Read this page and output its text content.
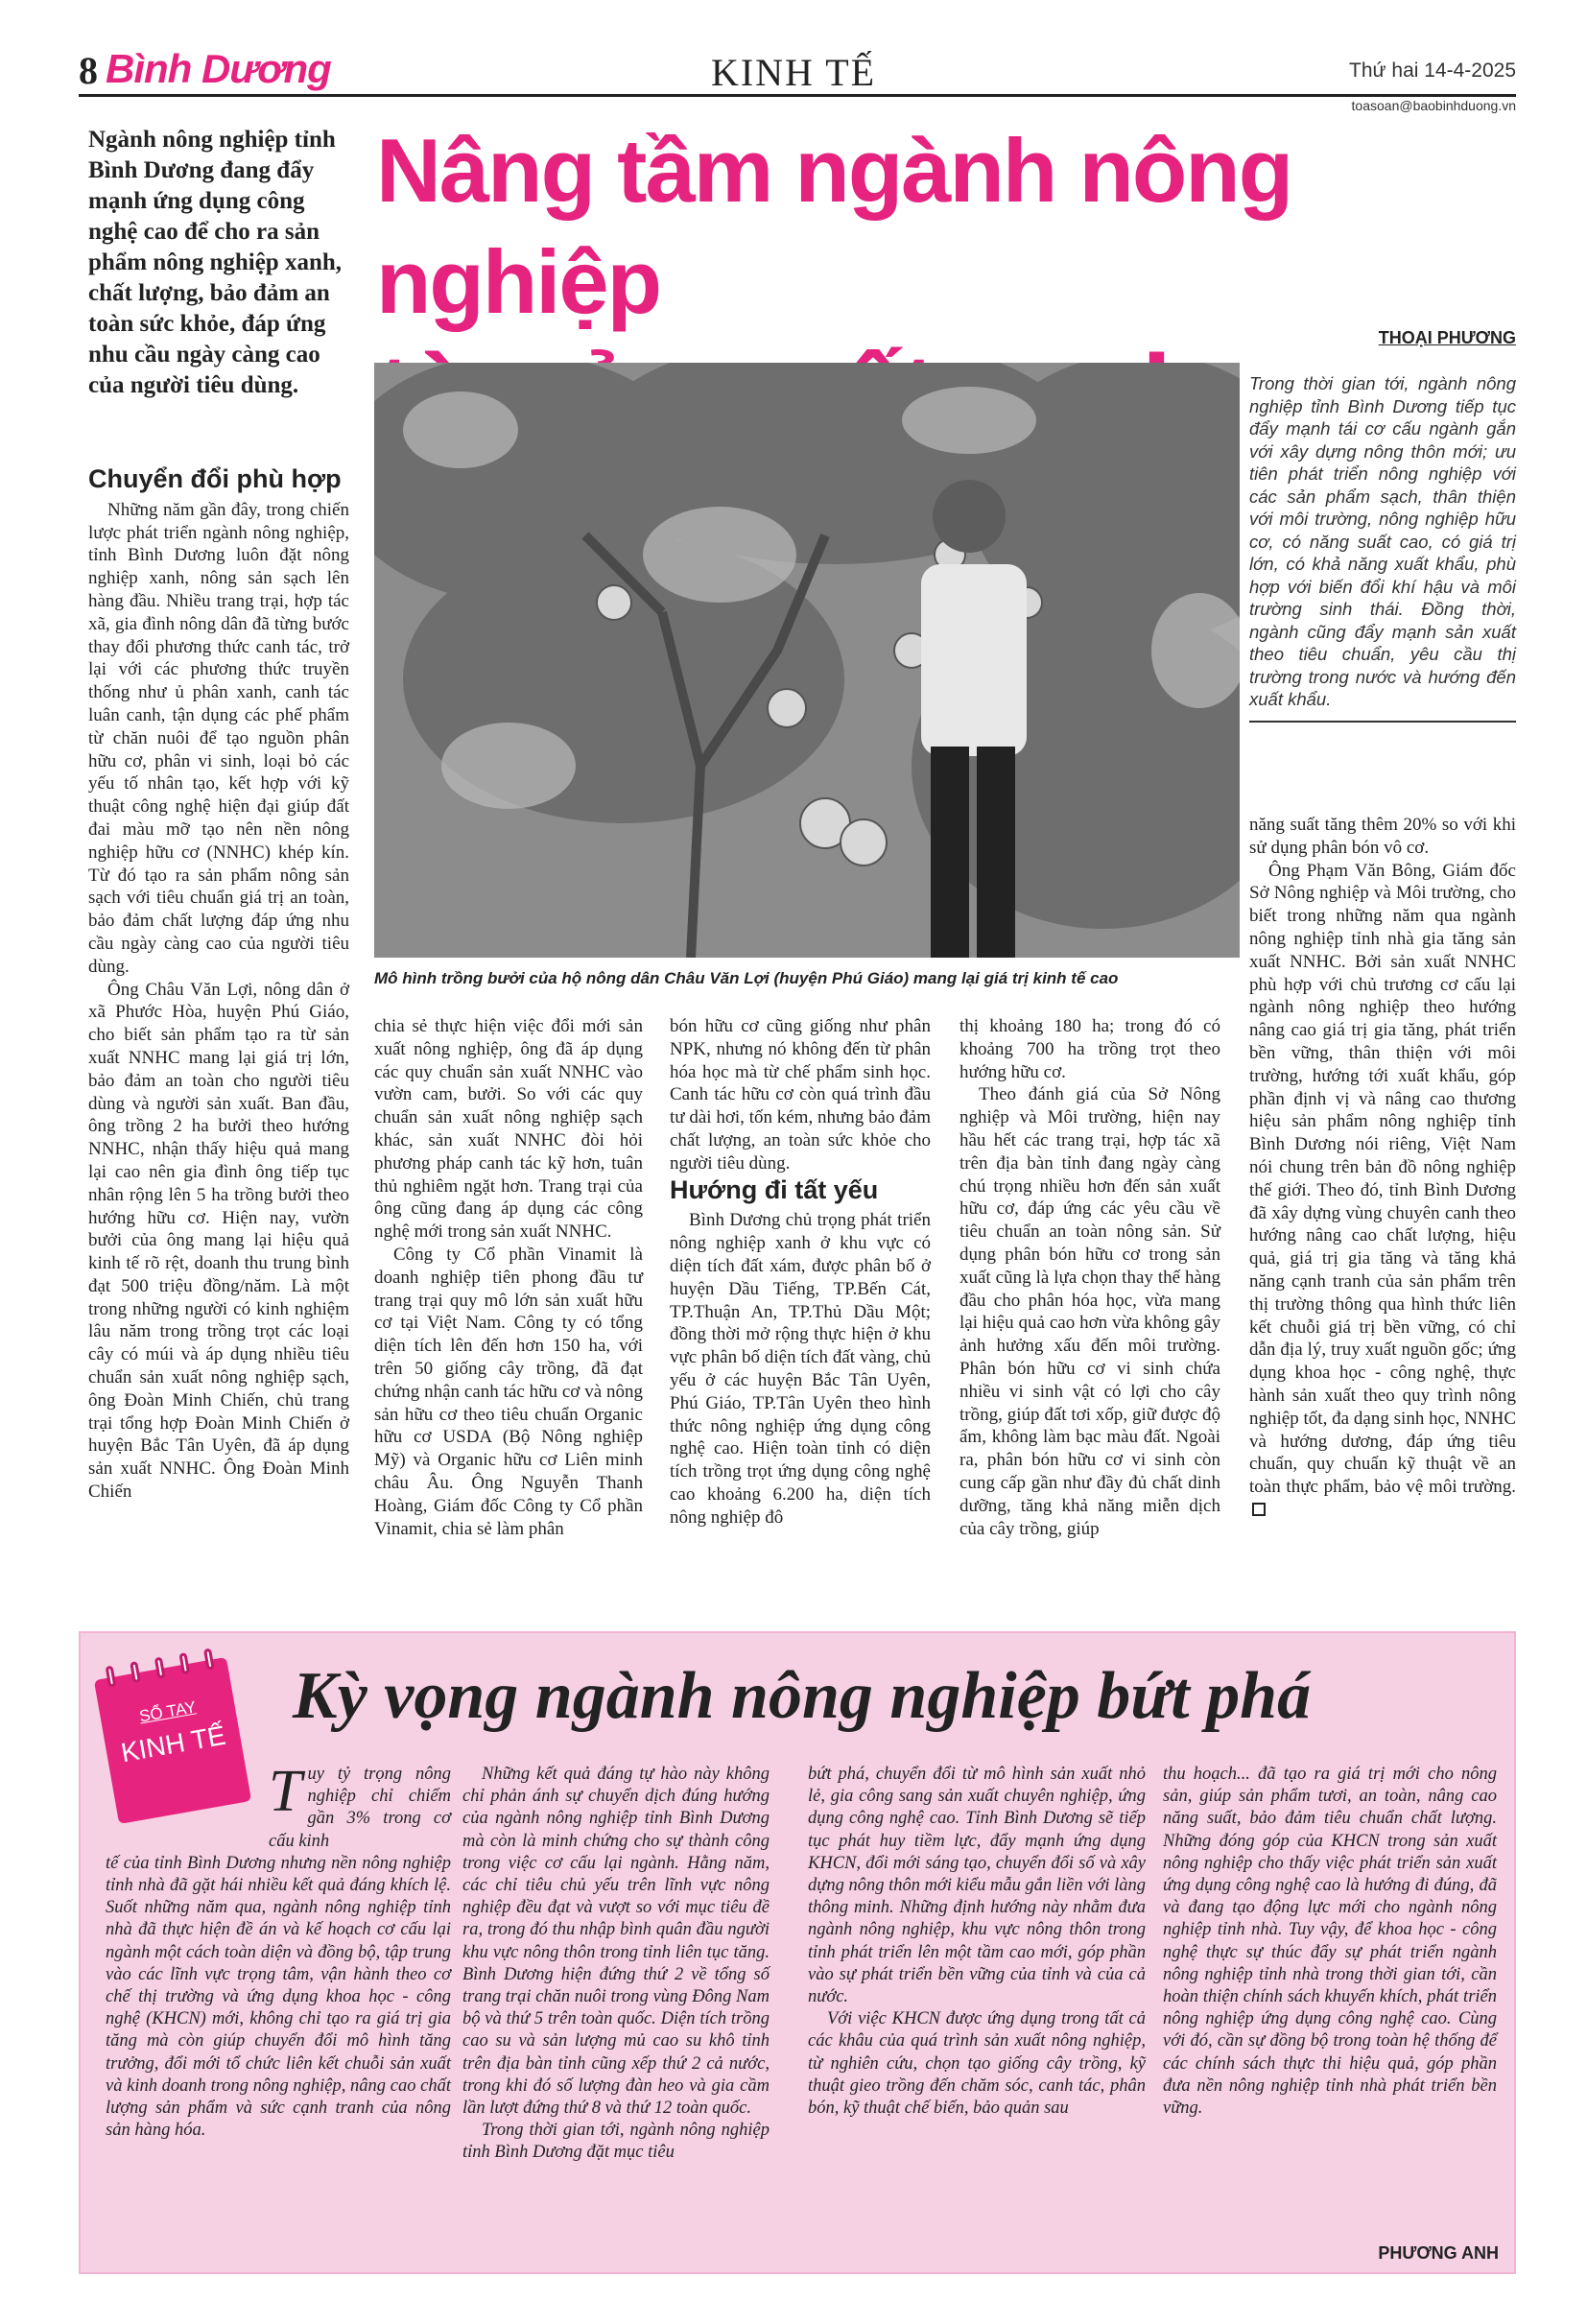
8 Bình Dương	KINH TẾ	Thứ hai 14-4-2025
toasoan@baobinhduong.vn
Ngành nông nghiệp tỉnh Bình Dương đang đẩy mạnh ứng dụng công nghệ cao để cho ra sản phẩm nông nghiệp xanh, chất lượng, bảo đảm an toàn sức khỏe, đáp ứng nhu cầu ngày càng cao của người tiêu dùng.
Nâng tầm ngành nông nghiệp
THOẠI PHƯƠNG
Mô hình trồng bưởi của hộ nông dân Châu Văn Lợi (huyện Phú Giáo) mang lại giá trị kinh tế cao
Trong thời gian tới, ngành nông nghiệp tỉnh Bình Dương tiếp tục đẩy mạnh tái cơ cấu ngành gắn với xây dựng nông thôn mới; ưu tiên phát triển nông nghiệp với các sản phẩm sạch, thân thiện với môi trường, nông nghiệp hữu cơ, có năng suất cao, có giá trị lớn, có khả năng xuất khẩu, phù hợp với biến đổi khí hậu và môi trường sinh thái. Đồng thời, ngành cũng đẩy mạnh sản xuất theo tiêu chuẩn, yêu cầu thị trường trong nước và hướng đến xuất khẩu.
Chuyển đổi phù hợp

Những năm gần đây, trong chiến lược phát triển ngành nông nghiệp, tỉnh Bình Dương luôn đặt nông nghiệp xanh, nông sản sạch lên hàng đầu. Nhiều trang trại, hợp tác xã, gia đình nông dân đã từng bước thay đổi phương thức canh tác, trở lại với các phương thức truyền thống như ủ phân xanh, canh tác luân canh, tận dụng các phế phẩm từ chăn nuôi để tạo nguồn phân hữu cơ, phân vi sinh, loại bỏ các yếu tố nhân tạo, kết hợp với kỹ thuật công nghệ hiện đại giúp đất đai màu mỡ tạo nên nền nông nghiệp hữu cơ (NNHC) khép kín. Từ đó tạo ra sản phẩm nông sản sạch với tiêu chuẩn giá trị an toàn, bảo đảm chất lượng đáp ứng nhu cầu ngày càng cao của người tiêu dùng.

Ông Châu Văn Lợi, nông dân ở xã Phước Hòa, huyện Phú Giáo, cho biết sản phẩm tạo ra từ sản xuất NNHC mang lại giá trị lớn, bảo đảm an toàn cho người tiêu dùng và người sản xuất. Ban đầu, ông trồng 2 ha bưởi theo hướng NNHC, nhận thấy hiệu quả mang lại cao nên gia đình ông tiếp tục nhân rộng lên 5 ha trồng bưởi theo hướng hữu cơ. Hiện nay, vườn bưởi của ông mang lại hiệu quả kinh tế rõ rệt, doanh thu trung bình đạt 500 triệu đồng/năm. Là một trong những người có kinh nghiệm lâu năm trong trồng trọt các loại cây có múi và áp dụng nhiều tiêu chuẩn sản xuất nông nghiệp sạch, ông Đoàn Minh Chiến, chủ trang trại tổng hợp Đoàn Minh Chiến ở huyện Bắc Tân Uyên, đã áp dụng sản xuất NNHC. Ông Đoàn Minh Chiến

chia sẻ thực hiện việc đổi mới sản xuất nông nghiệp, ông đã áp dụng các quy chuẩn sản xuất NNHC vào vườn cam, bưởi. So với các quy chuẩn sản xuất nông nghiệp sạch khác, sản xuất NNHC đòi hỏi phương pháp canh tác kỹ hơn, tuân thủ nghiêm ngặt hơn. Trang trại của ông cũng đang áp dụng các công nghệ mới trong sản xuất NNHC.

Công ty Cổ phần Vinamit là doanh nghiệp tiên phong đầu tư trang trại quy mô lớn sản xuất hữu cơ tại Việt Nam. Công ty có tổng diện tích lên đến hơn 150 ha, với trên 50 giống cây trồng, đã đạt chứng nhận canh tác hữu cơ và nông sản hữu cơ theo tiêu chuẩn Organic hữu cơ USDA (Bộ Nông nghiệp Mỹ) và Organic hữu cơ Liên minh châu Âu. Ông Nguyễn Thanh Hoàng, Giám đốc Công ty Cổ phần Vinamit, chia sẻ làm phân

bón hữu cơ cũng giống như phân NPK, nhưng nó không đến từ phân hóa học mà từ chế phẩm sinh học. Canh tác hữu cơ còn quá trình đầu tư dài hơi, tốn kém, nhưng bảo đảm chất lượng, an toàn sức khỏe cho người tiêu dùng.

Hướng đi tất yếu

Bình Dương chủ trọng phát triển nông nghiệp xanh ở khu vực có diện tích đất xám, được phân bố ở huyện Dầu Tiếng, TP.Bến Cát, TP.Thuận An, TP.Thủ Dầu Một; đồng thời mở rộng thực hiện ở khu vực phân bố diện tích đất vàng, chủ yếu ở các huyện Bắc Tân Uyên, Phú Giáo, TP.Tân Uyên theo hình thức nông nghiệp ứng dụng công nghệ cao. Hiện toàn tỉnh có diện tích trồng trọt ứng dụng công nghệ cao khoảng 6.200 ha, diện tích nông nghiệp đô

thị khoảng 180 ha; trong đó có khoảng 700 ha trồng trọt theo hướng hữu cơ.

Theo đánh giá của Sở Nông nghiệp và Môi trường, hiện nay hầu hết các trang trại, hợp tác xã trên địa bàn tỉnh đang ngày càng chú trọng nhiều hơn đến sản xuất hữu cơ, đáp ứng các yêu cầu về tiêu chuẩn an toàn nông sản. Sử dụng phân bón hữu cơ trong sản xuất cũng là lựa chọn thay thế hàng đầu cho phân hóa học, vừa mang lại hiệu quả cao hơn vừa không gây ảnh hưởng xấu đến môi trường. Phân bón hữu cơ vi sinh chứa nhiều vi sinh vật có lợi cho cây trồng, giúp đất tơi xốp, giữ được độ ẩm, không làm bạc màu đất. Ngoài ra, phân bón hữu cơ vi sinh còn cung cấp gần như đầy đủ chất dinh dưỡng, tăng khả năng miễn dịch của cây trồng, giúp

năng suất tăng thêm 20% so với khi sử dụng phân bón vô cơ.

Ông Phạm Văn Bông, Giám đốc Sở Nông nghiệp và Môi trường, cho biết trong những năm qua ngành nông nghiệp tỉnh nhà gia tăng sản xuất NNHC. Bởi sản xuất NNHC phù hợp với chủ trương cơ cấu lại ngành nông nghiệp theo hướng nâng cao giá trị gia tăng, phát triển bền vững, thân thiện với môi trường, hướng tới xuất khẩu, góp phần định vị và nâng cao thương hiệu sản phẩm nông nghiệp tỉnh Bình Dương nói riêng, Việt Nam nói chung trên bản đồ nông nghiệp thế giới. Theo đó, tỉnh Bình Dương đã xây dựng vùng chuyên canh theo hướng nâng cao chất lượng, hiệu quả, giá trị gia tăng và tăng khả năng cạnh tranh của sản phẩm trên thị trường thông qua hình thức liên kết chuỗi giá trị bền vững, có chỉ dẫn địa lý, truy xuất nguồn gốc; ứng dụng khoa học - công nghệ, thực hành sản xuất theo quy trình nông nghiệp tốt, đa dạng sinh học, NNHC và hướng dương, đáp ứng tiêu chuẩn, quy chuẩn kỹ thuật về an toàn thực phẩm, bảo vệ môi trường.

SỔ TAY
KINH TẾ
Kỳ vọng ngành nông nghiệp bứt phá
Tuy tỷ trọng nông nghiệp chỉ chiếm gần 3% trong cơ cấu kinh

tế của tỉnh Bình Dương nhưng nền nông nghiệp tỉnh nhà đã gặt hái nhiều kết quả đáng khích lệ. Suốt những năm qua, ngành nông nghiệp tỉnh nhà đã thực hiện đề án và kế hoạch cơ cấu lại ngành một cách toàn diện và đồng bộ, tập trung vào các lĩnh vực trọng tâm, vận hành theo cơ chế thị trường và ứng dụng khoa học - công nghệ (KHCN) mới, không chỉ tạo ra giá trị gia tăng mà còn giúp chuyển đổi mô hình tăng trưởng, đổi mới tổ chức liên kết chuỗi sản xuất và kinh doanh trong nông nghiệp, nâng cao chất lượng sản phẩm và sức cạnh tranh của nông sản hàng hóa.

Những kết quả đáng tự hào này không chỉ phản ánh sự chuyển dịch đúng hướng của ngành nông nghiệp tỉnh Bình Dương mà còn là minh chứng cho sự thành công trong việc cơ cấu lại ngành. Hằng năm, các chỉ tiêu chủ yếu trên lĩnh vực nông nghiệp đều đạt và vượt so với mục tiêu đề ra, trong đó thu nhập bình quân đầu người khu vực nông thôn trong tỉnh liên tục tăng. Bình Dương hiện đứng thứ 2 về tổng số trang trại chăn nuôi trong vùng Đông Nam bộ và thứ 5 trên toàn quốc. Diện tích trồng cao su và sản lượng mủ cao su khô tỉnh trên địa bàn tỉnh cũng xếp thứ 2 cả nước, trong khi đó số lượng đàn heo và gia cầm lần lượt đứng thứ 8 và thứ 12 toàn quốc.

Trong thời gian tới, ngành nông nghiệp tỉnh Bình Dương đặt mục tiêu

bứt phá, chuyển đổi từ mô hình sản xuất nhỏ lẻ, gia công sang sản xuất chuyên nghiệp, ứng dụng công nghệ cao. Tỉnh Bình Dương sẽ tiếp tục phát huy tiềm lực, đẩy mạnh ứng dụng KHCN, đổi mới sáng tạo, chuyển đổi số và xây dựng nông thôn mới kiểu mẫu gắn liền với làng thông minh. Những định hướng này nhằm đưa ngành nông nghiệp, khu vực nông thôn trong tỉnh phát triển lên một tầm cao mới, góp phần vào sự phát triển bền vững của tỉnh và của cả nước.

Với việc KHCN được ứng dụng trong tất cả các khâu của quá trình sản xuất nông nghiệp, từ nghiên cứu, chọn tạo giống cây trồng, kỹ thuật gieo trồng đến chăm sóc, canh tác, phân bón, kỹ thuật chế biến, bảo quản sau

thu hoạch... đã tạo ra giá trị mới cho nông sản, giúp sản phẩm tươi, an toàn, nâng cao năng suất, bảo đảm tiêu chuẩn chất lượng. Những đóng góp của KHCN trong sản xuất nông nghiệp cho thấy việc phát triển sản xuất ứng dụng công nghệ cao là hướng đi đúng, đã và đang tạo động lực mới cho ngành nông nghiệp tỉnh nhà. Tuy vậy, để khoa học - công nghệ thực sự thúc đẩy sự phát triển ngành nông nghiệp tỉnh nhà trong thời gian tới, cần hoàn thiện chính sách khuyến khích, phát triển nông nghiệp ứng dụng công nghệ cao. Cùng với đó, cần sự đồng bộ trong toàn hệ thống để các chính sách thực thi hiệu quả, góp phần đưa nền nông nghiệp tỉnh nhà phát triển bền vững.

PHƯƠNG ANH
